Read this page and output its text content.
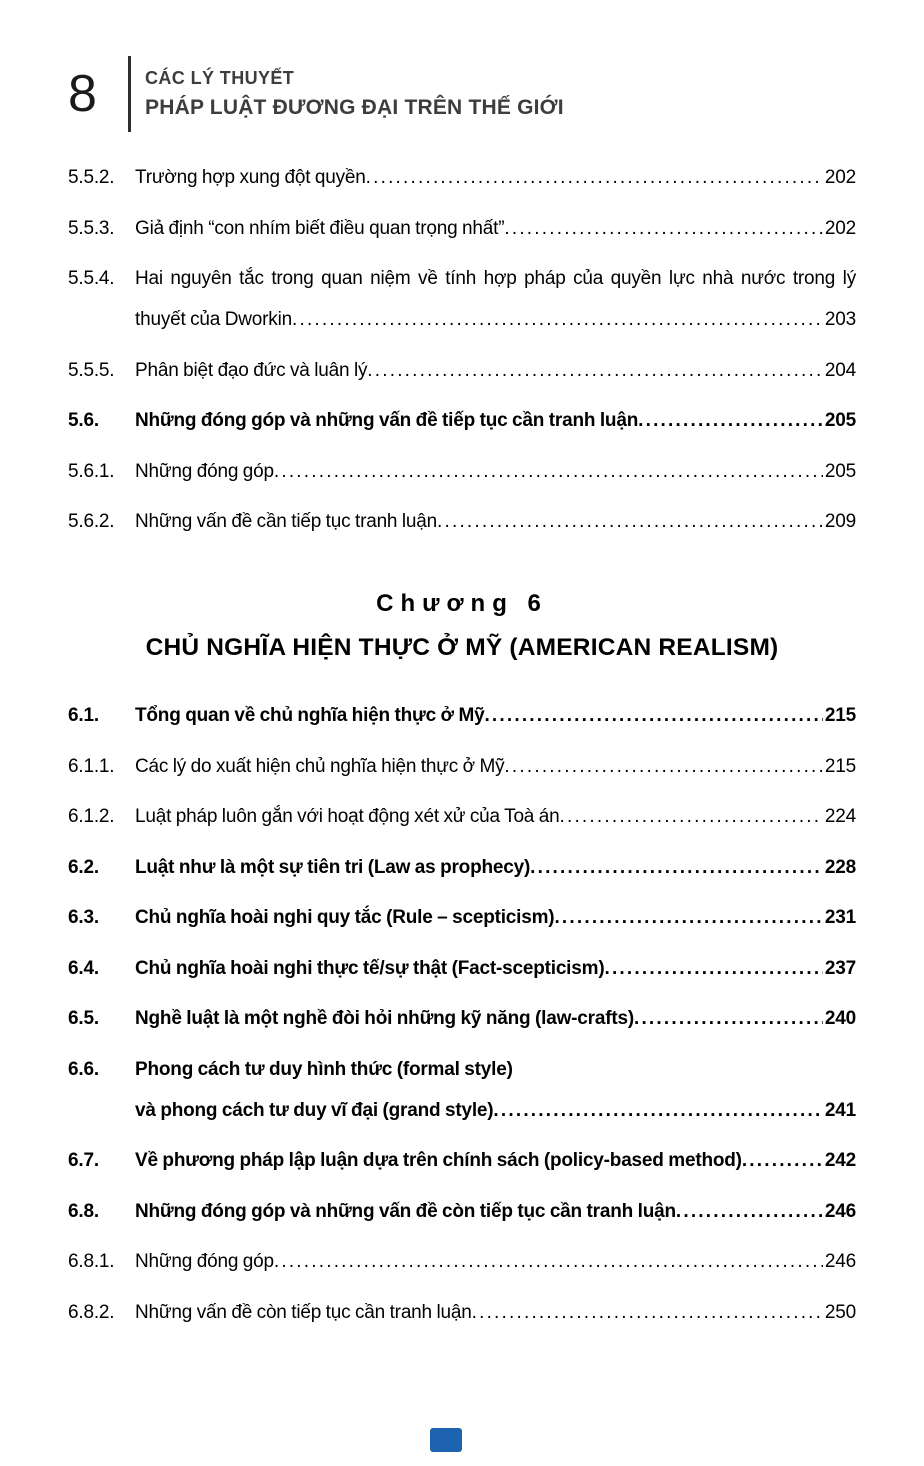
8	CÁC LÝ THUYẾT
PHÁP LUẬT ĐƯƠNG ĐẠI TRÊN THẾ GIỚI
5.5.2.	Trường hợp xung đột quyền .....	202
5.5.3.	Giả định “con nhím biết điều quan trọng nhất” .....	202
5.5.4.	Hai nguyên tắc trong quan niệm về tính hợp pháp của quyền lực nhà nước trong lý
thuyết của Dworkin .....	203
5.5.5.	Phân biệt đạo đức và luân lý .....	204
5.6.	Những đóng góp và những vấn đề tiếp tục cần tranh luận .....	205
5.6.1.	Những đóng góp .....	205
5.6.2.	Những vấn đề cần tiếp tục tranh luận .....	209
Chương 6
CHỦ NGHĨA HIỆN THỰC Ở MỸ (AMERICAN REALISM)
6.1.	Tổng quan về chủ nghĩa hiện thực ở Mỹ .....	215
6.1.1.	Các lý do xuất hiện chủ nghĩa hiện thực ở Mỹ .....	215
6.1.2.	Luật pháp luôn gắn với hoạt động xét xử của Toà án .....	224
6.2.	Luật như là một sự tiên tri (Law as prophecy) .....	228
6.3.	Chủ nghĩa hoài nghi quy tắc (Rule – scepticism) .....	231
6.4.	Chủ nghĩa hoài nghi thực tế/sự thật (Fact-scepticism) .....	237
6.5.	Nghề luật là một nghề đòi hỏi những kỹ năng (law-crafts) .....	240
6.6.	Phong cách tư duy hình thức (formal style)
và phong cách tư duy vĩ đại (grand style) .....	241
6.7.	Về phương pháp lập luận dựa trên chính sách (policy-based method) .....	242
6.8.	Những đóng góp và những vấn đề còn tiếp tục cần tranh luận .....	246
6.8.1.	Những đóng góp .....	246
6.8.2.	Những vấn đề còn tiếp tục cần tranh luận .....	250
